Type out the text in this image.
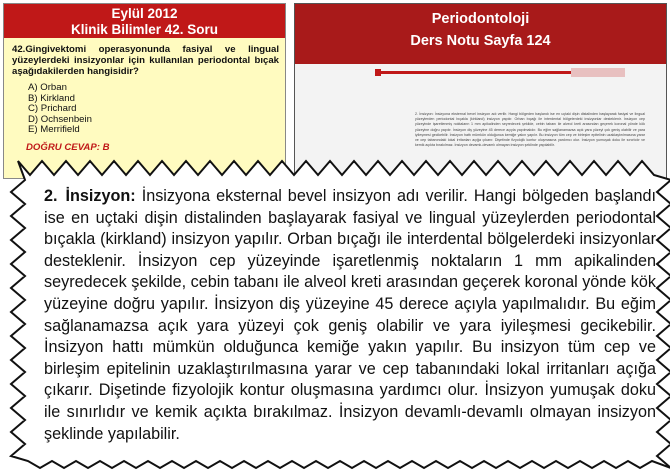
Eylül 2012
Klinik Bilimler 42. Soru
42.Gingivektomi operasyonunda fasiyal ve lingual yüzeylerdeki insizyonlar için kullanılan periodontal bıçak aşağıdakilerden hangisidir?
A) Orban
B) Kirkland
C) Prichard
D) Ochsenbein
E) Merrifield
DOĞRU CEVAP: B
Periodontoloji
Ders Notu Sayfa 124
2. İnsizyon: İnsizyona eksternal bevel insizyon adı verilir. Hangi bölgeden başlandı ise en uçtaki dişin distalinden başlayarak fasiyal ve lingual yüzeylerden periodontal bıçakla (kirkland) insizyon yapılır. Orban bıçağı ile interdental bölgelerdeki insizyonlar desteklenir. İnsizyon cep yüzeyinde işaretlenmiş noktaların 1 mm apikalinden seyredecek şekilde, cebin tabanı ile alveol kreti arasından geçerek koronal yönde kök yüzeyine doğru yapılır. İnsizyon diş yüzeyine 45 derece açıyla yapılmalıdır. Bu eğim sağlanamazsa açık yara yüzeyi çok geniş olabilir ve yara iyileşmesi gecikebilir. İnsizyon hattı mümkün olduğunca kemiğe yakın yapılır. Bu insizyon tüm cep ve birleşim epitelinin uzaklaştırılmasına yarar ve cep tabanındaki lokal irritanları açığa çıkarır. Dişetinde fizyolojik kontur oluşmasına yardımcı olur. İnsizyon yumuşak doku ile sınırlıdır ve kemik açıkta bırakılmaz. İnsizyon devamlı-devamlı olmayan insizyon şeklinde yapılabilir.
2. İnsizyon: İnsizyona eksternal bevel insizyon adı verilir. Hangi bölgeden başlandı ise en uçtaki dişin distalinden başlayarak fasiyal ve lingual yüzeylerden periodontal bıçakla (kirkland) insizyon yapılır. Orban bıçağı ile interdental bölgelerdeki insizyonlar desteklenir. İnsizyon cep yüzeyinde işaretlenmiş noktaların 1 mm apikalinden seyredecek şekilde, cebin tabanı ile alveol kreti arasından geçerek koronal yönde kök yüzeyine doğru yapılır. İnsizyon diş yüzeyine 45 derece açıyla yapılmalıdır. Bu eğim sağlanamazsa açık yara yüzeyi çok geniş olabilir ve yara iyileşmesi gecikebilir. İnsizyon hattı mümkün olduğunca kemiğe yakın yapılır. Bu insizyon tüm cep ve birleşim epitelinin uzaklaştırılmasına yarar ve cep tabanındaki lokal irritanları açığa çıkarır. Dişetinde fizyolojik kontur oluşmasına yardımcı olur. İnsizyon yumuşak doku ile sınırlıdır ve kemik açıkta bırakılmaz. İnsizyon devamlı-devamlı olmayan insizyon şeklinde yapılabilir.
